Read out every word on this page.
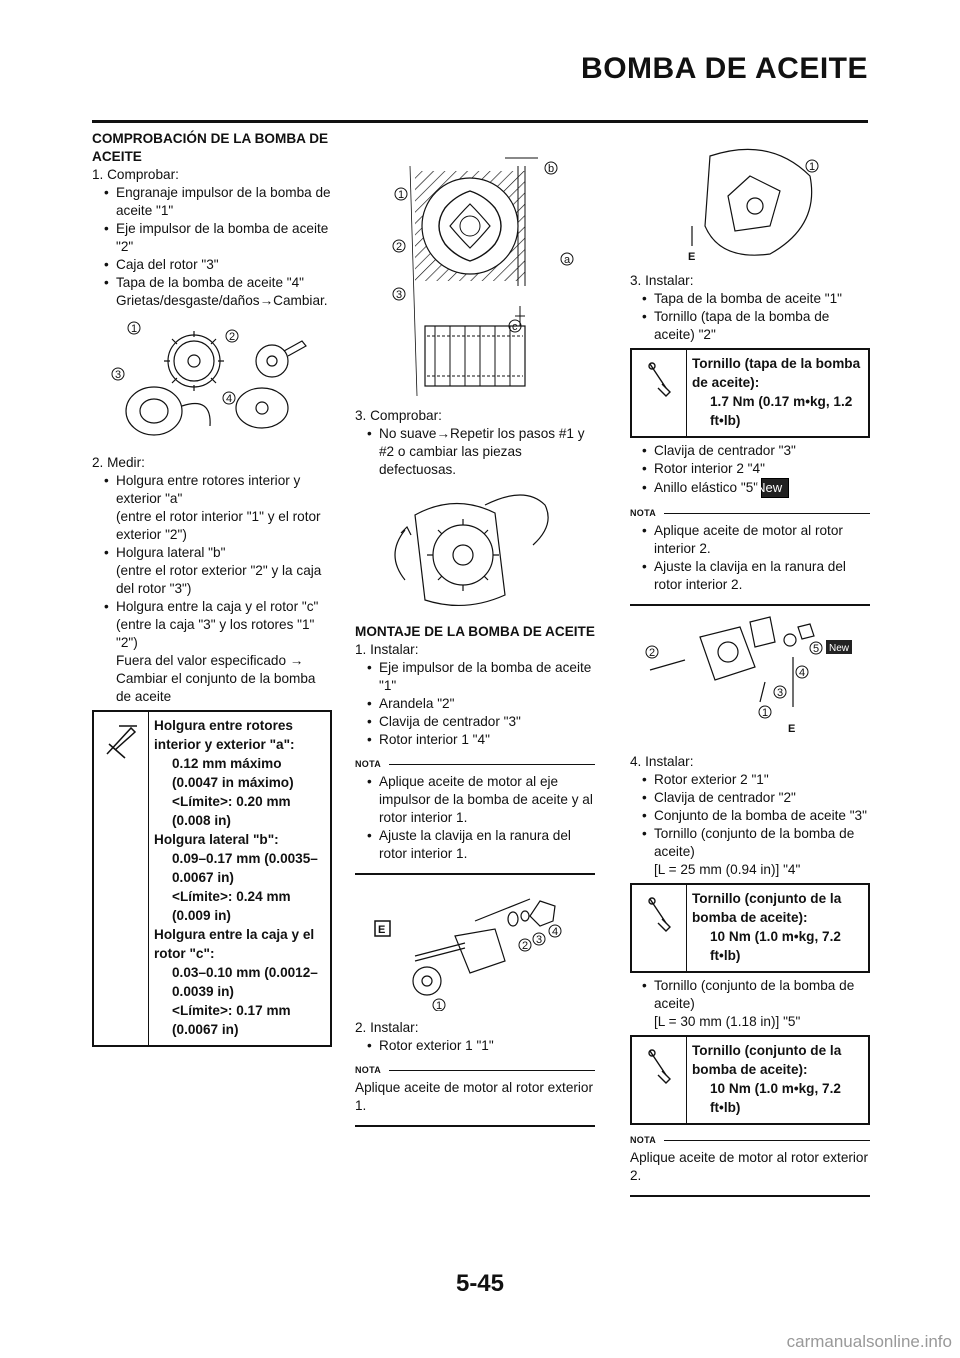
BOMBA DE ACEITE
COMPROBACIÓN DE LA BOMBA DE ACEITE
1. Comprobar:
• Engranaje impulsor de la bomba de aceite "1"
• Eje impulsor de la bomba de aceite "2"
• Caja del rotor "3"
• Tapa de la bomba de aceite "4"
Grietas/desgaste/daños→Cambiar.
1
2
3
4
2. Medir:
• Holgura entre rotores interior y exterior "a"
(entre el rotor interior "1" y el rotor exterior "2")
• Holgura lateral "b"
(entre el rotor exterior "2" y la caja del rotor "3")
• Holgura entre la caja y el rotor "c"
(entre la caja "3" y los rotores "1" "2")
Fuera del valor especificado →
Cambiar el conjunto de la bomba de aceite
Holgura entre rotores interior y exterior "a":
0.12 mm máximo
(0.0047 in máximo)
<Límite>: 0.20 mm
(0.008 in)
Holgura lateral "b":
0.09–0.17 mm (0.0035–
0.0067 in)
<Límite>: 0.24 mm
(0.009 in)
Holgura entre la caja y el rotor "c":
0.03–0.10 mm (0.0012–
0.0039 in)
<Límite>: 0.17 mm
(0.0067 in)
1
2
3
a
b
c
3. Comprobar:
• No suave→Repetir los pasos #1 y #2 o cambiar las piezas defectuosas.
MONTAJE DE LA BOMBA DE ACEITE
1. Instalar:
• Eje impulsor de la bomba de aceite "1"
• Arandela "2"
• Clavija de centrador "3"
• Rotor interior 1 "4"
NOTA
• Aplique aceite de motor al eje impulsor de la bomba de aceite y al rotor interior 1.
• Ajuste la clavija en la ranura del rotor interior 1.
E
1
2 3
4
2. Instalar:
• Rotor exterior 1 "1"
NOTA
Aplique aceite de motor al rotor exterior 1.
1
E
3. Instalar:
• Tapa de la bomba de aceite "1"
• Tornillo (tapa de la bomba de aceite) "2"
Tornillo (tapa de la bomba de aceite):
1.7 Nm (0.17 m•kg, 1.2 ft•lb)
• Clavija de centrador "3"
• Rotor interior 2 "4"
• Anillo elástico "5"New
NOTA
• Aplique aceite de motor al rotor interior 2.
• Ajuste la clavija en la ranura del rotor interior 2.
1
2
3
4
5 New
E
4. Instalar:
• Rotor exterior 2 "1"
• Clavija de centrador "2"
• Conjunto de la bomba de aceite "3"
• Tornillo (conjunto de la bomba de aceite)
[L = 25 mm (0.94 in)] "4"
Tornillo (conjunto de la bomba de aceite):
10 Nm (1.0 m•kg, 7.2 ft•lb)
• Tornillo (conjunto de la bomba de aceite)
[L = 30 mm (1.18 in)] "5"
Tornillo (conjunto de la bomba de aceite):
10 Nm (1.0 m•kg, 7.2 ft•lb)
NOTA
Aplique aceite de motor al rotor exterior 2.
5-45
carmanualsonline.info
